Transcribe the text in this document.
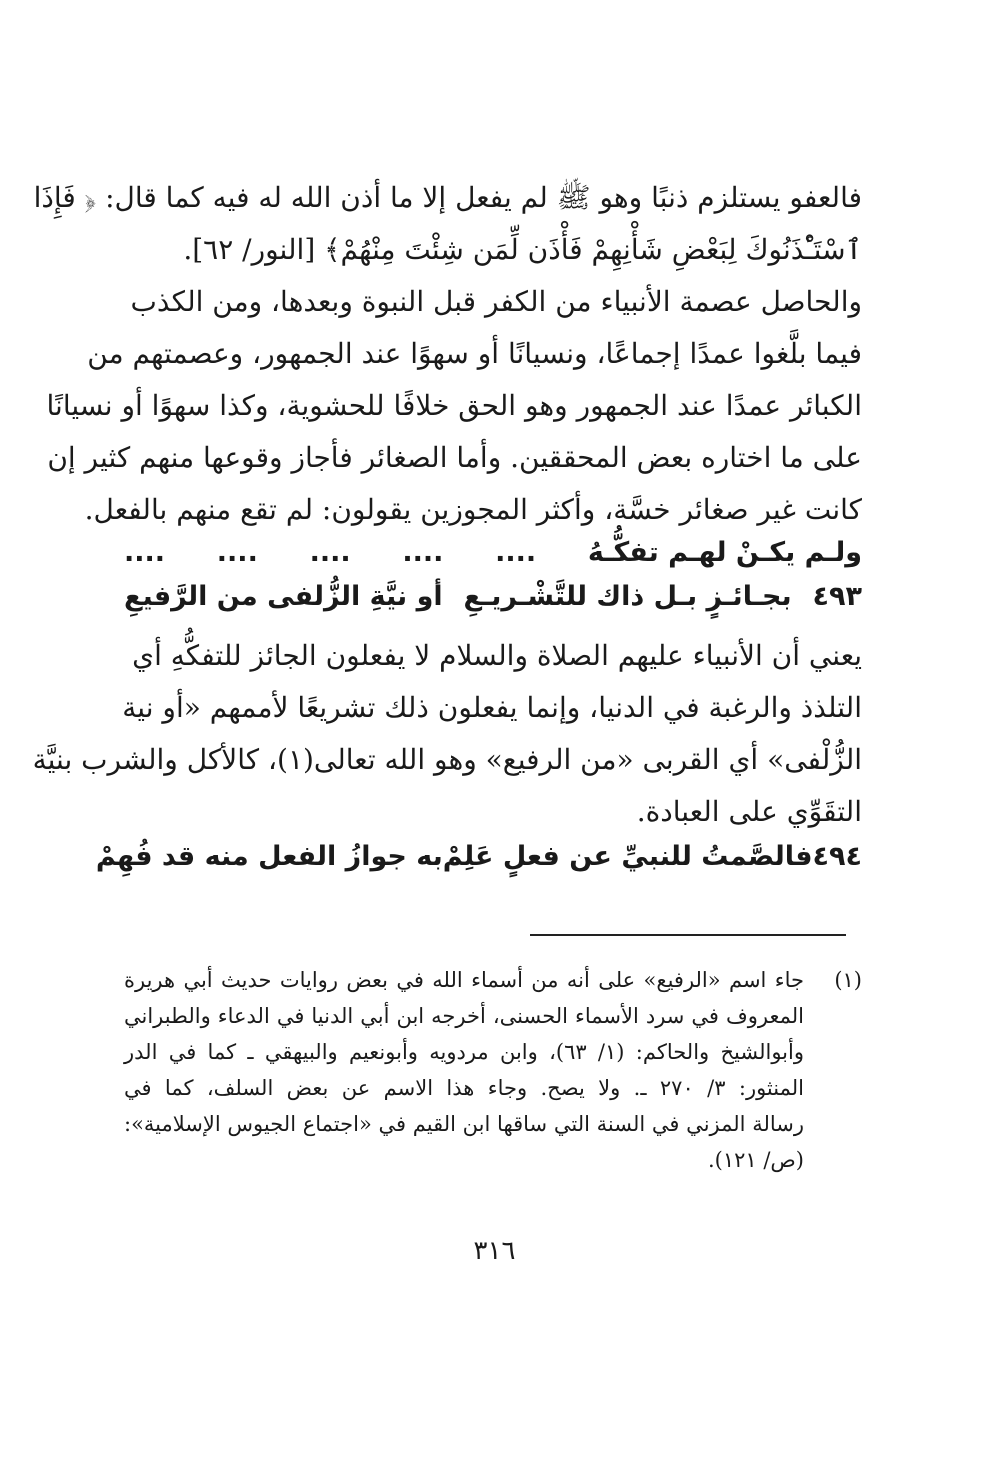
فالعفو يستلزم ذنبًا وهو ﷺ لم يفعل إلا ما أذن الله له فيه كما قال: ﴿ فَإِذَا
ٱسْتَـْٔذَنُوكَ لِبَعْضِ شَأْنِهِمْ فَأْذَن لِّمَن شِئْتَ مِنْهُمْ﴾ [النور/ ٦٢].
والحاصل عصمة الأنبياء من الكفر قبل النبوة وبعدها، ومن الكذب
فيما بلَّغوا عمدًا إجماعًا، ونسيانًا أو سهوًا عند الجمهور، وعصمتهم من
الكبائر عمدًا عند الجمهور وهو الحق خلافًا للحشوية، وكذا سهوًا أو نسيانًا
على ما اختاره بعض المحققين. وأما الصغائر فأجاز وقوعها منهم كثير إن
كانت غير صغائر خسَّة، وأكثر المجوزين يقولون: لم تقع منهم بالفعل.
ولـم يكـنْ لهـم تفكُّـهُ
....
....
....
....
....
٤٩٣
بجـائـزٍ بـل ذاك للتَّشْـريـعِ
أو نيَّةِ الزُّلفى من الرَّفيعِ
يعني أن الأنبياء عليهم الصلاة والسلام لا يفعلون الجائز للتفكُّهِ أي
التلذذ والرغبة في الدنيا، وإنما يفعلون ذلك تشريعًا لأممهم «أو نية
الزُّلْفى» أي القربى «من الرفيع» وهو الله تعالى(١)، كالأكل والشرب بنيَّة
التقَوِّي على العبادة.
٤٩٤
فالصَّمتُ للنبيِّ عن فعلٍ عَلِمْ
به جوازُ الفعل منه قد فُهِمْ
(١)
جاء اسم «الرفيع» على أنه من أسماء الله في بعض روايات حديث أبي هريرة
المعروف في سرد الأسماء الحسنى، أخرجه ابن أبي الدنيا في الدعاء والطبراني
وأبوالشيخ والحاكم: (١/ ٦٣)، وابن مردويه وأبونعيم والبيهقي ـ كما في الدر
المنثور: ٣/ ٢٧٠ ـ. ولا يصح. وجاء هذا الاسم عن بعض السلف، كما في
رسالة المزني في السنة التي ساقها ابن القيم في «اجتماع الجيوس الإسلامية»:
(ص/ ١٢١).
٣١٦
